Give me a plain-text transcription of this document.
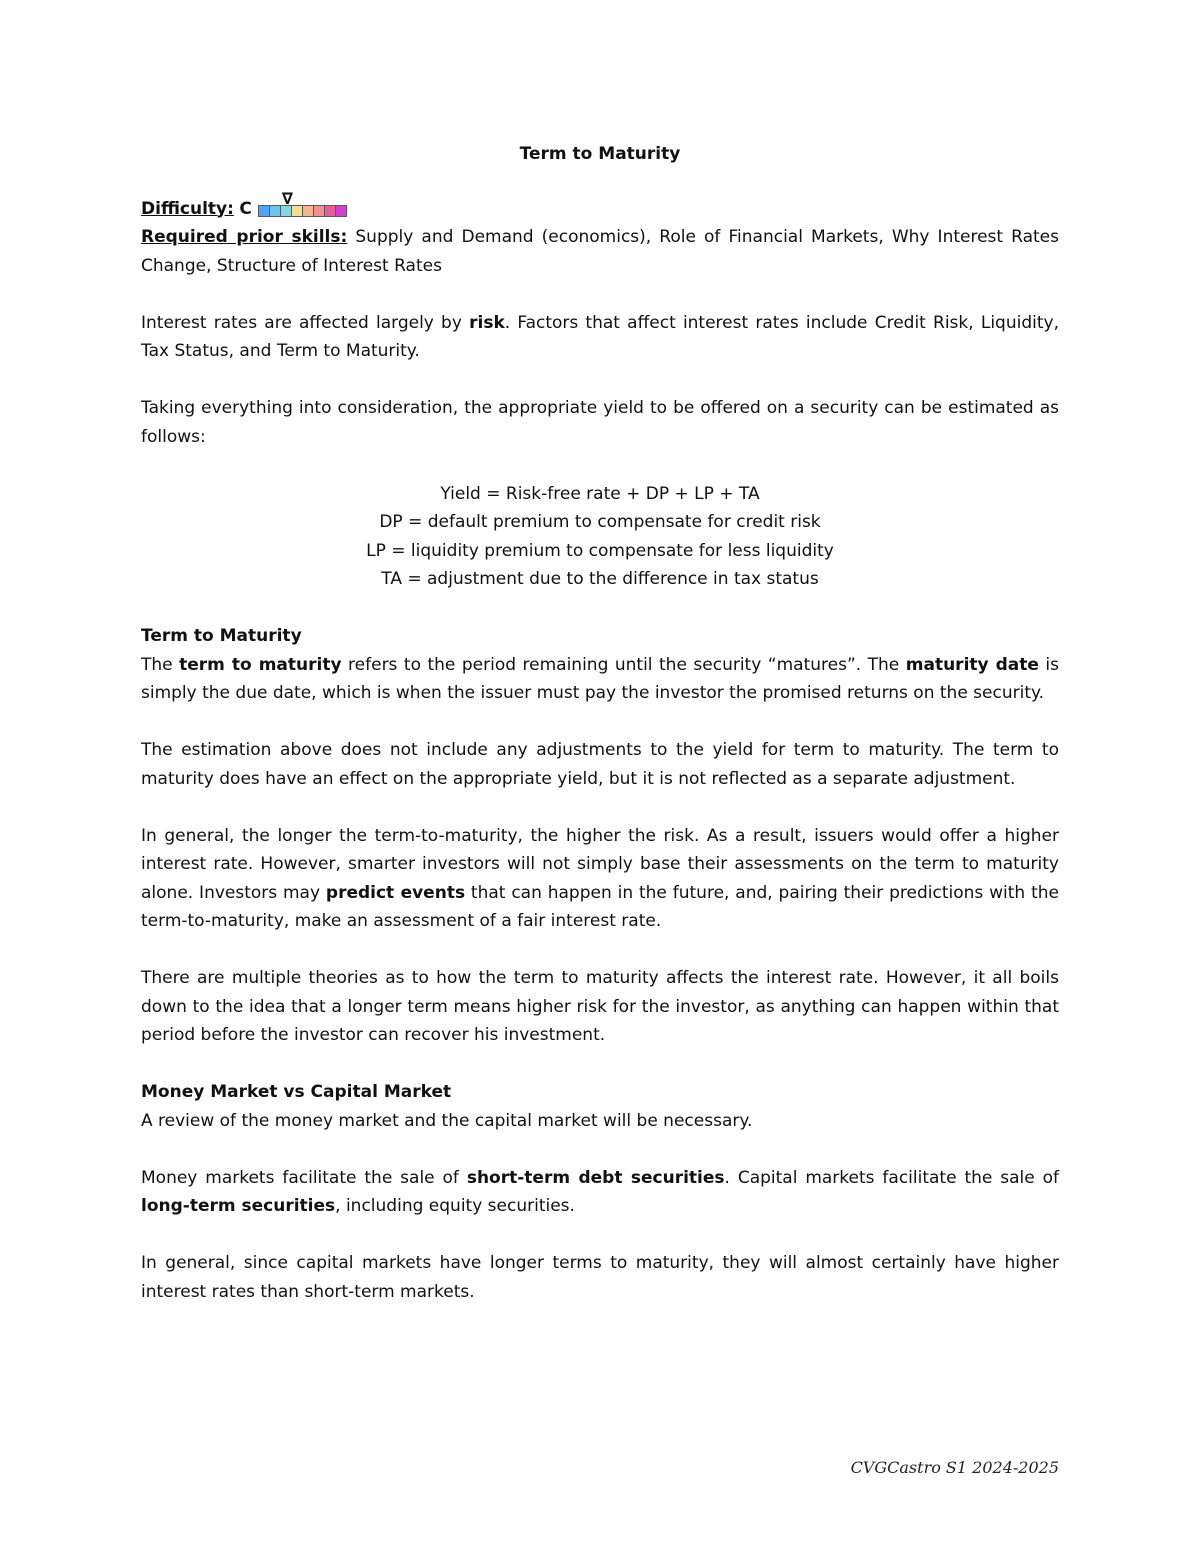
Term to Maturity
Difficulty: C ∇

Required prior skills: Supply and Demand (economics), Role of Financial Markets, Why Interest Rates Change, Structure of Interest Rates

Interest rates are affected largely by risk. Factors that affect interest rates include Credit Risk, Liquidity, Tax Status, and Term to Maturity.

Taking everything into consideration, the appropriate yield to be offered on a security can be estimated as follows:

Yield = Risk-free rate + DP + LP + TA
DP = default premium to compensate for credit risk
LP = liquidity premium to compensate for less liquidity
TA = adjustment due to the difference in tax status
Term to Maturity

The term to maturity refers to the period remaining until the security “matures”. The maturity date is simply the due date, which is when the issuer must pay the investor the promised returns on the security.

The estimation above does not include any adjustments to the yield for term to maturity. The term to maturity does have an effect on the appropriate yield, but it is not reflected as a separate adjustment.

In general, the longer the term-to-maturity, the higher the risk. As a result, issuers would offer a higher interest rate. However, smarter investors will not simply base their assessments on the term to maturity alone. Investors may predict events that can happen in the future, and, pairing their predictions with the term-to-maturity, make an assessment of a fair interest rate.

There are multiple theories as to how the term to maturity affects the interest rate. However, it all boils down to the idea that a longer term means higher risk for the investor, as anything can happen within that period before the investor can recover his investment.

Money Market vs Capital Market

A review of the money market and the capital market will be necessary.

Money markets facilitate the sale of short-term debt securities. Capital markets facilitate the sale of long-term securities, including equity securities.

In general, since capital markets have longer terms to maturity, they will almost certainly have higher interest rates than short-term markets.

CVGCastro S1 2024-2025
